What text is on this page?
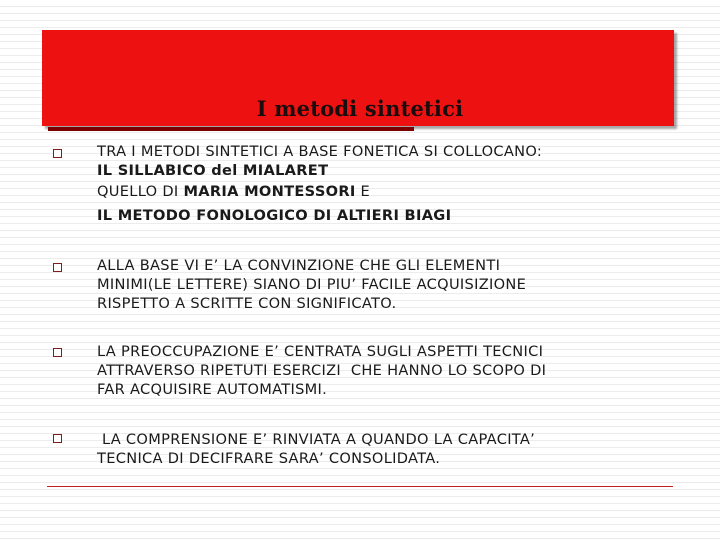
I metodi sintetici
TRA I METODI SINTETICI A BASE FONETICA SI COLLOCANO:
IL SILLABICO del MIALARET
QUELLO DI MARIA MONTESSORI E
IL METODO FONOLOGICO DI ALTIERI BIAGI
ALLA BASE VI E’ LA CONVINZIONE CHE GLI ELEMENTI
MINIMI(LE LETTERE) SIANO DI PIU’ FACILE ACQUISIZIONE
RISPETTO A SCRITTE CON SIGNIFICATO.
LA PREOCCUPAZIONE E’ CENTRATA SUGLI ASPETTI TECNICI
ATTRAVERSO RIPETUTI ESERCIZI  CHE HANNO LO SCOPO DI
FAR ACQUISIRE AUTOMATISMI.
LA COMPRENSIONE E’ RINVIATA A QUANDO LA CAPACITA’
TECNICA DI DECIFRARE SARA’ CONSOLIDATA.
